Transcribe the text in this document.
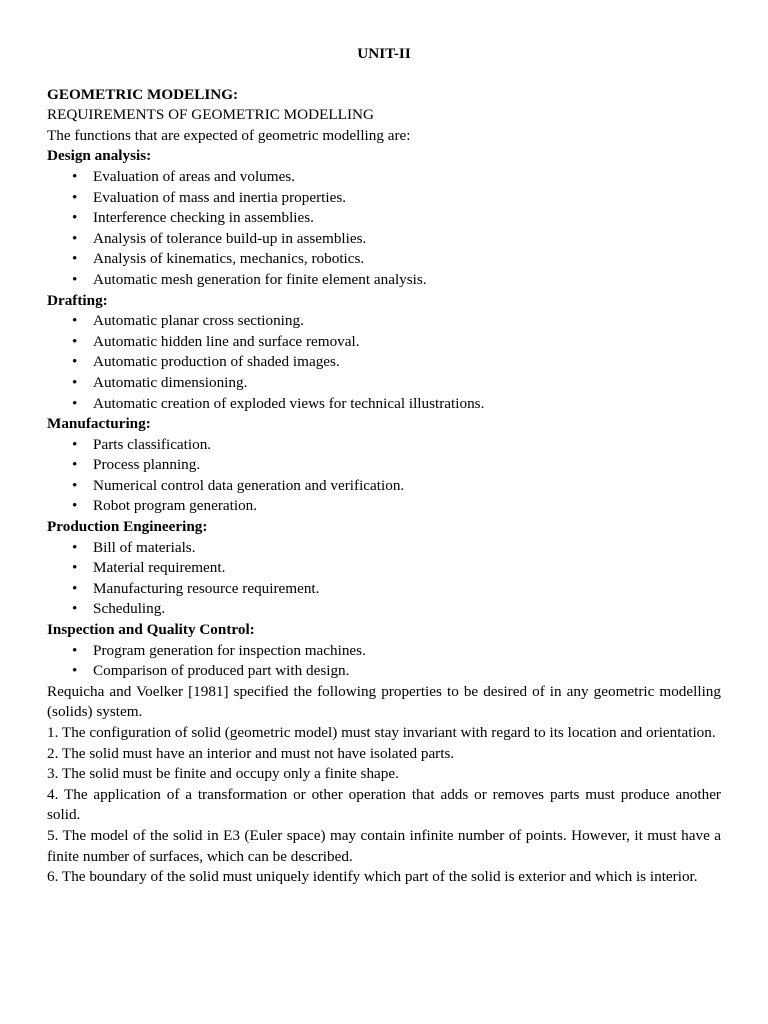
UNIT-II
GEOMETRIC MODELING:
REQUIREMENTS OF GEOMETRIC MODELLING
The functions that are expected of geometric modelling are:
Design analysis:
• Evaluation of areas and volumes.
• Evaluation of mass and inertia properties.
• Interference checking in assemblies.
• Analysis of tolerance build-up in assemblies.
• Analysis of kinematics, mechanics, robotics.
• Automatic mesh generation for finite element analysis.
Drafting:
• Automatic planar cross sectioning.
• Automatic hidden line and surface removal.
• Automatic production of shaded images.
• Automatic dimensioning.
• Automatic creation of exploded views for technical illustrations.
Manufacturing:
• Parts classification.
• Process planning.
• Numerical control data generation and verification.
• Robot program generation.
Production Engineering:
• Bill of materials.
• Material requirement.
• Manufacturing resource requirement.
• Scheduling.
Inspection and Quality Control:
• Program generation for inspection machines.
• Comparison of produced part with design.
Requicha and Voelker [1981] specified the following properties to be desired of in any geometric modelling (solids) system.
1. The configuration of solid (geometric model) must stay invariant with regard to its location and orientation.
2. The solid must have an interior and must not have isolated parts.
3. The solid must be finite and occupy only a finite shape.
4. The application of a transformation or other operation that adds or removes parts must produce another solid.
5. The model of the solid in E3 (Euler space) may contain infinite number of points. However, it must have a finite number of surfaces, which can be described.
6. The boundary of the solid must uniquely identify which part of the solid is exterior and which is interior.
